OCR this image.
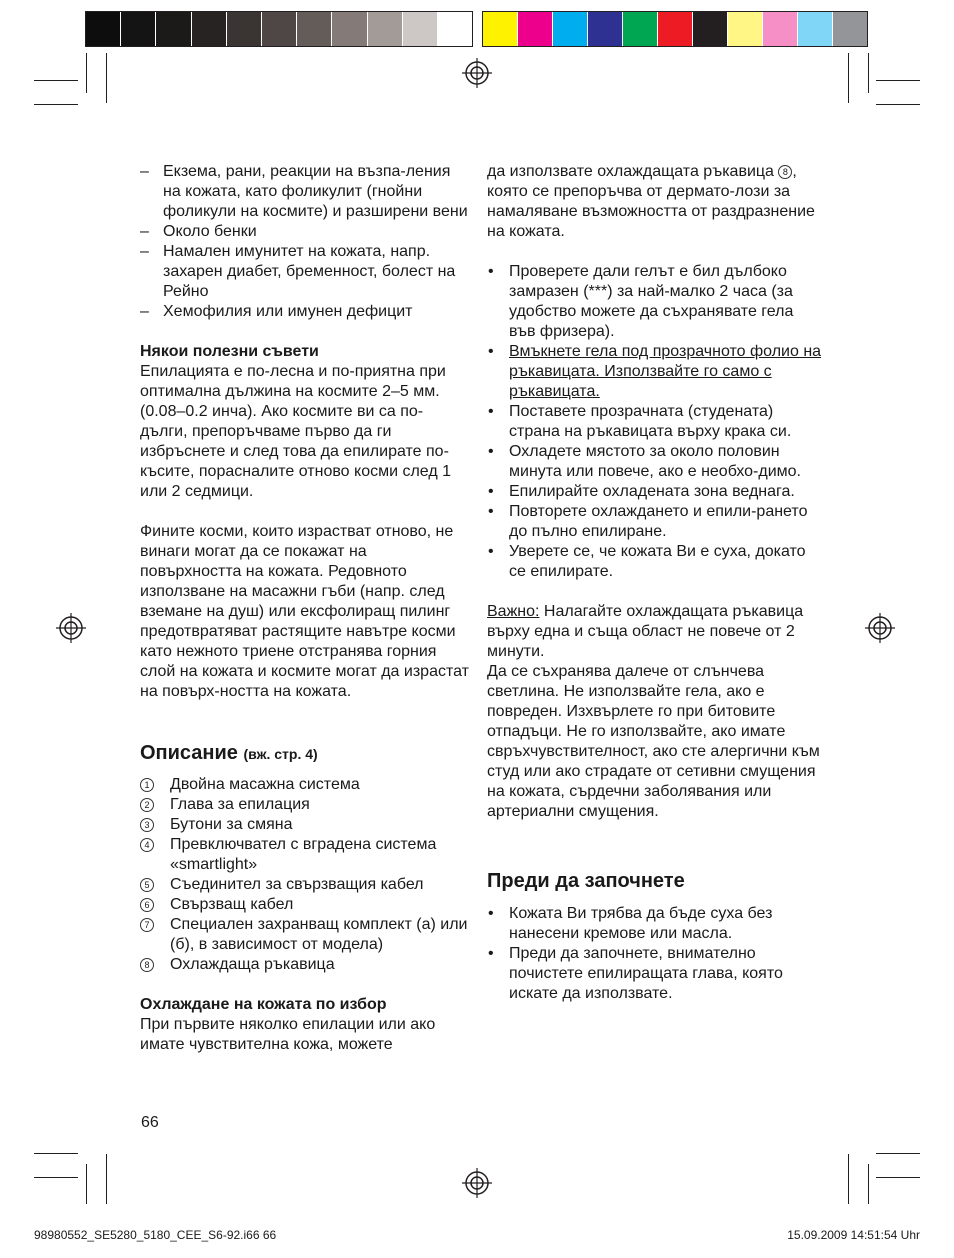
– Екзема, рани, реакции на възпа-ления на кожата, като фоликулит (гнойни фоликули на космите) и разширени вени
– Около бенки
– Намален имунитет на кожата, напр. захарен диабет, бременност, болест на Рейно
– Хемофилия или имунен дефицит

Някои полезни съвети

Епилацията е по-лесна и по-приятна при оптимална дължина на космите 2–5 мм. (0.08–0.2 инча). Ако космите ви са по-дълги, препоръчваме първо да ги избръснете и след това да епилирате по-късите, порасналите отново косми след 1 или 2 седмици.

Фините косми, които израстват отново, не винаги могат да се покажат на повърхността на кожата. Редовното използване на масажни гъби (напр. след вземане на душ) или ексфолиращ пилинг предотвратяват растящите навътре косми като нежното триене отстранява горния слой на кожата и космите могат да израстат на повърх-ността на кожата.

Описание (вж. стр. 4)
1 Двойна масажна система
2 Глава за епилация
3 Бутони за смяна
4 Превключвател с вградена система «smartlight»
5 Съединител за свързващия кабел
6 Свързващ кабел
7 Специален захранващ комплект (а) или (б), в зависимост от модела)
8 Охлаждаща ръкавица

Охлаждане на кожата по избор

При първите няколко епилации или ако имате чувствителна кожа, можете

да използвате охлаждащата ръкавица 8 , която се препоръчва от дермато-лози за намаляване възможността от раздразнение на кожата.

• Проверете дали гелът е бил дълбоко замразен (***) за най-малко 2 часа (за удобство можете да съхранявате гела във фризера).
• Вмъкнете гела под прозрачното фолио на ръкавицата. Използвайте го само с ръкавицата.
• Поставете прозрачната (студената) страна на ръкавицата върху крака си.
• Охладете мястото за около половин минута или повече, ако е необхо-димо.
• Епилирайте охладената зона веднага.
• Повторете охлаждането и епили-рането до пълно епилиране.
• Уверете се, че кожата Ви е суха, докато се епилирате.

Важно: Налагайте охлаждащата ръкавица върху една и съща област не повече от 2 минути.

Да се съхранява далече от слънчева светлина. Не използвайте гела, ако е повреден. Изхвърлете го при битовите отпадъци. Не го използвайте, ако имате свръхчувствителност, ако сте алергични към студ или ако страдате от сетивни смущения на кожата, сърдечни заболявания или артериални смущения.

Преди да започнете
• Кожата Ви трябва да бъде суха без нанесени кремове или масла.
• Преди да започнете, внимателно почистете епилиращата глава, която искате да използвате.
66
98980552_SE5280_5180_CEE_S6-92.i66 66	15.09.2009 14:51:54 Uhr
